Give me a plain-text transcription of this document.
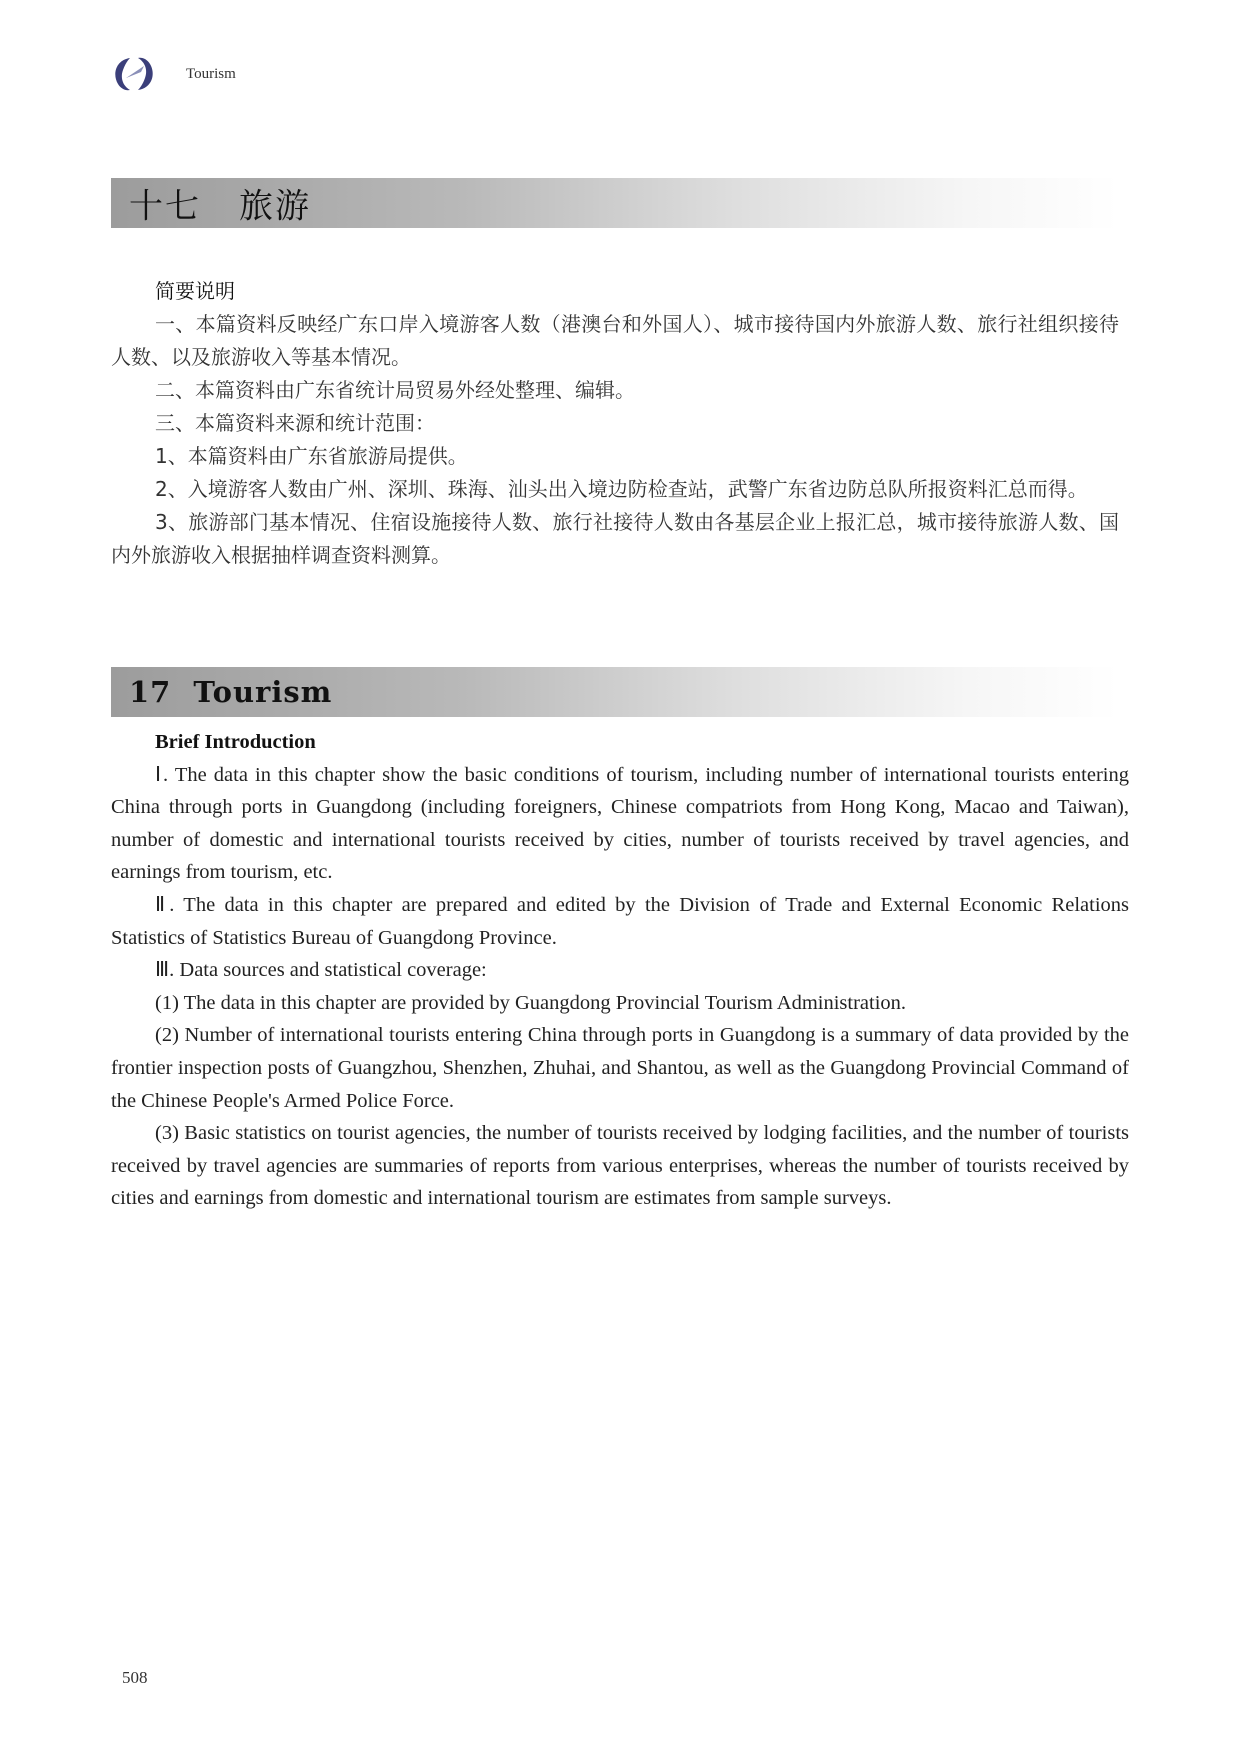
Tourism
十七 旅游

简要说明

一、本篇资料反映经广东口岸入境游客人数（港澳台和外国人）、城市接待国内外旅游人数、旅行社组织接待人数、以及旅游收入等基本情况。

二、本篇资料由广东省统计局贸易外经处整理、编辑。

三、本篇资料来源和统计范围：

1、本篇资料由广东省旅游局提供。

2、入境游客人数由广州、深圳、珠海、汕头出入境边防检查站，武警广东省边防总队所报资料汇总而得。

3、旅游部门基本情况、住宿设施接待人数、旅行社接待人数由各基层企业上报汇总，城市接待旅游人数、国内外旅游收入根据抽样调查资料测算。

17 Tourism

Brief Introduction

Ⅰ. The data in this chapter show the basic conditions of tourism, including number of international tourists entering China through ports in Guangdong (including foreigners, Chinese compatriots from Hong Kong, Macao and Taiwan), number of domestic and international tourists received by cities, number of tourists received by travel agencies, and earnings from tourism, etc.

Ⅱ. The data in this chapter are prepared and edited by the Division of Trade and External Economic Relations Statistics of Statistics Bureau of Guangdong Province.

Ⅲ. Data sources and statistical coverage:

(1) The data in this chapter are provided by Guangdong Provincial Tourism Administration.

(2) Number of international tourists entering China through ports in Guangdong is a summary of data provided by the frontier inspection posts of Guangzhou, Shenzhen, Zhuhai, and Shantou, as well as the Guangdong Provincial Command of the Chinese People's Armed Police Force.

(3) Basic statistics on tourist agencies, the number of tourists received by lodging facilities, and the number of tourists received by travel agencies are summaries of reports from various enterprises, whereas the number of tourists received by cities and earnings from domestic and international tourism are estimates from sample surveys.

508
